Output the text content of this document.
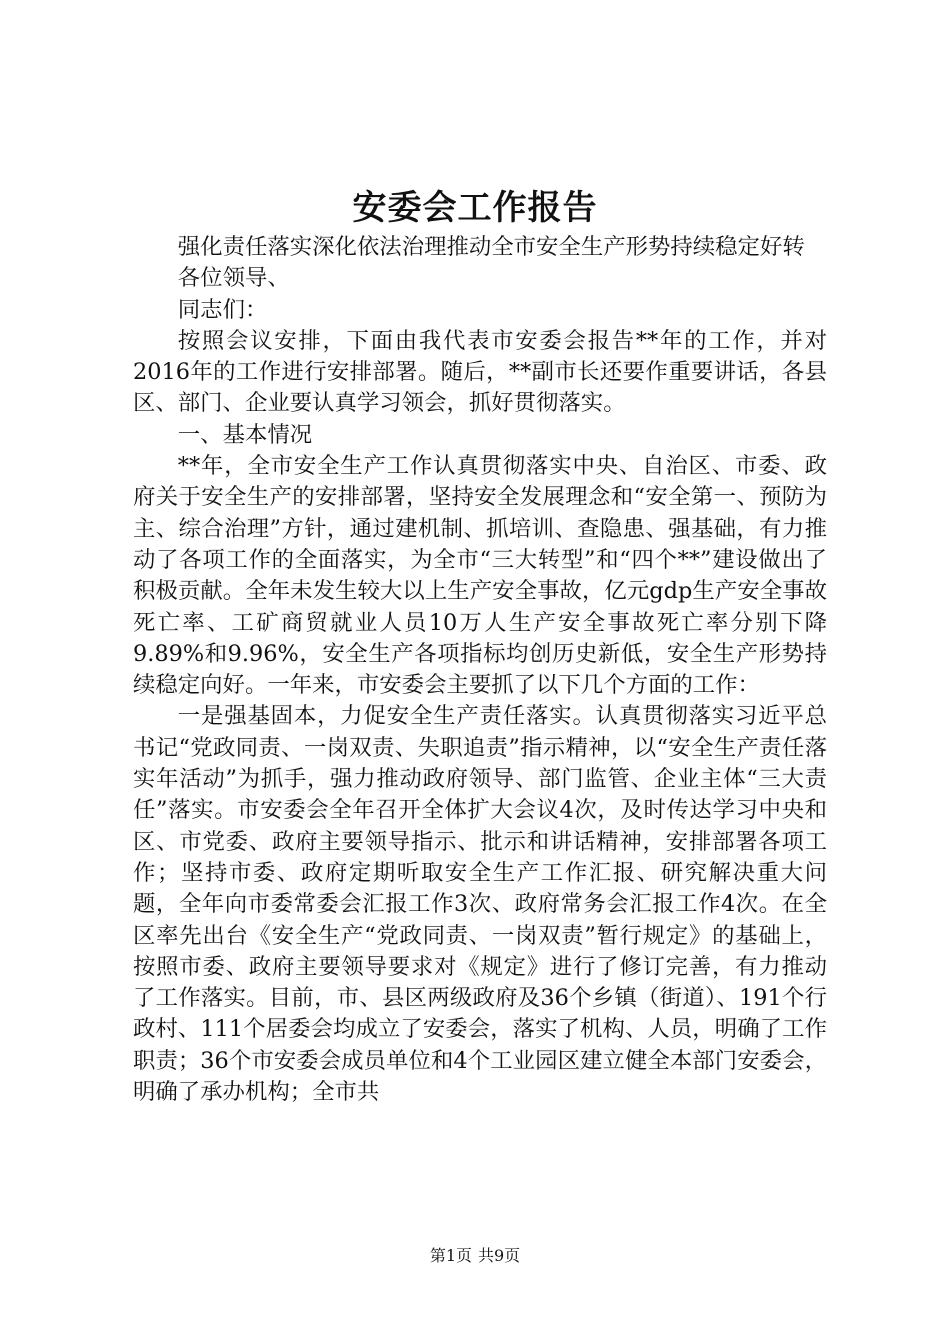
安委会工作报告

强化责任落实深化依法治理推动全市安全生产形势持续稳定好转

各位领导、

同志们：

按照会议安排，下面由我代表市安委会报告**年的工作，并对2016年的工作进行安排部署。随后，**副市长还要作重要讲话，各县区、部门、企业要认真学习领会，抓好贯彻落实。

一、基本情况

**年，全市安全生产工作认真贯彻落实中央、自治区、市委、政府关于安全生产的安排部署，坚持安全发展理念和“安全第一、预防为主、综合治理”方针，通过建机制、抓培训、查隐患、强基础，有力推动了各项工作的全面落实，为全市“三大转型”和“四个**”建设做出了积极贡献。全年未发生较大以上生产安全事故，亿元gdp生产安全事故死亡率、工矿商贸就业人员10万人生产安全事故死亡率分别下降9.89%和9.96%，安全生产各项指标均创历史新低，安全生产形势持续稳定向好。一年来，市安委会主要抓了以下几个方面的工作：

一是强基固本，力促安全生产责任落实。认真贯彻落实习近平总书记“党政同责、一岗双责、失职追责”指示精神，以“安全生产责任落实年活动”为抓手，强力推动政府领导、部门监管、企业主体“三大责任”落实。市安委会全年召开全体扩大会议4次，及时传达学习中央和区、市党委、政府主要领导指示、批示和讲话精神，安排部署各项工作；坚持市委、政府定期听取安全生产工作汇报、研究解决重大问题，全年向市委常委会汇报工作3次、政府常务会汇报工作4次。在全区率先出台《安全生产“党政同责、一岗双责”暂行规定》的基础上，按照市委、政府主要领导要求对《规定》进行了修订完善，有力推动了工作落实。目前，市、县区两级政府及36个乡镇（街道）、191个行政村、111个居委会均成立了安委会，落实了机构、人员，明确了工作职责；36个市安委会成员单位和4个工业园区建立健全本部门安委会，明确了承办机构；全市共

第1页 共9页
